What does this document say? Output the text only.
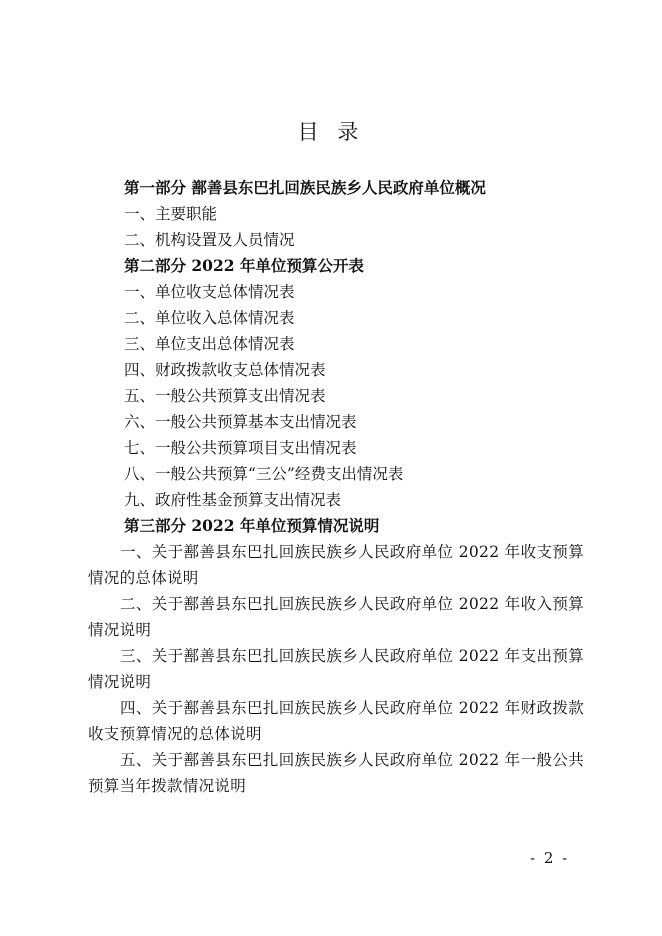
目 录
第一部分 鄯善县东巴扎回族民族乡人民政府单位概况
一、主要职能
二、机构设置及人员情况
第二部分 2022 年单位预算公开表
一、单位收支总体情况表
二、单位收入总体情况表
三、单位支出总体情况表
四、财政拨款收支总体情况表
五、一般公共预算支出情况表
六、一般公共预算基本支出情况表
七、一般公共预算项目支出情况表
八、一般公共预算“三公”经费支出情况表
九、政府性基金预算支出情况表
第三部分 2022 年单位预算情况说明
一、关于鄯善县东巴扎回族民族乡人民政府单位 2022 年收支预算情况的总体说明
二、关于鄯善县东巴扎回族民族乡人民政府单位 2022 年收入预算情况说明
三、关于鄯善县东巴扎回族民族乡人民政府单位 2022 年支出预算情况说明
四、关于鄯善县东巴扎回族民族乡人民政府单位 2022 年财政拨款收支预算情况的总体说明
五、关于鄯善县东巴扎回族民族乡人民政府单位 2022 年一般公共预算当年拨款情况说明
- 2 -
